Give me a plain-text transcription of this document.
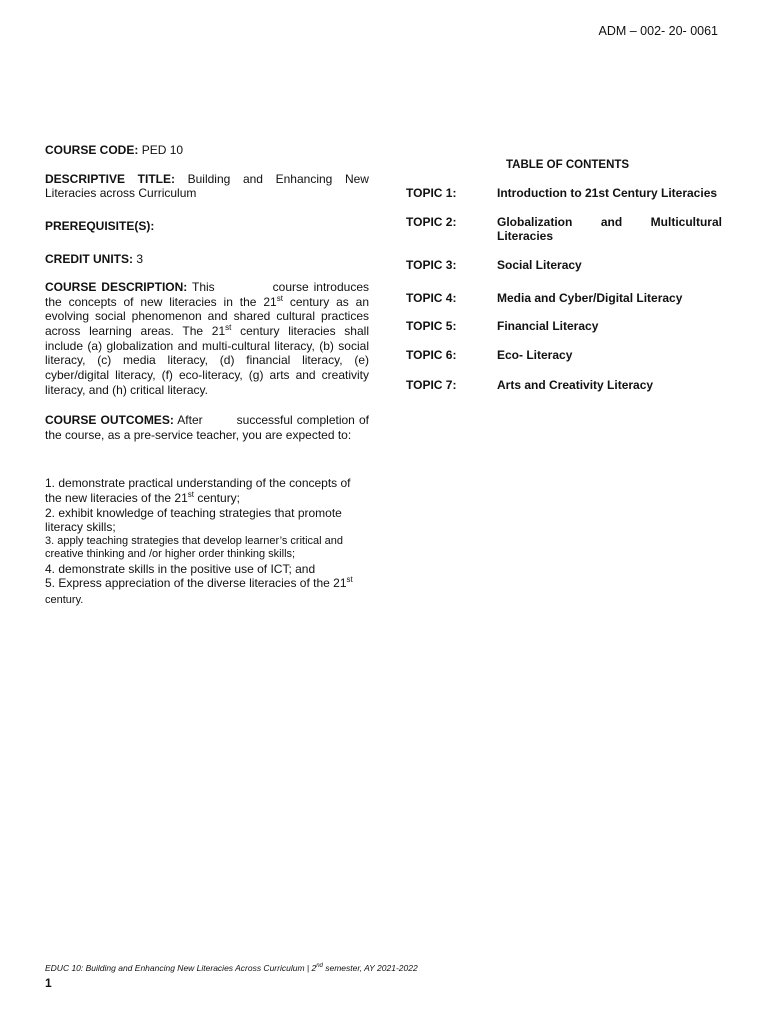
ADM – 002- 20- 0061
COURSE CODE: PED 10
DESCRIPTIVE TITLE: Building and Enhancing New Literacies across Curriculum
PREREQUISITE(S):
CREDIT UNITS: 3
COURSE DESCRIPTION: This	course introduces the concepts of new literacies in the 21st century as an evolving social phenomenon and shared cultural practices across learning areas. The 21st century literacies shall include (a) globalization and multi-cultural literacy, (b) social literacy, (c) media literacy, (d) financial literacy, (e) cyber/digital literacy, (f) eco-literacy, (g) arts and creativity literacy, and (h) critical literacy.
COURSE OUTCOMES: After	successful completion of the course, as a pre-service teacher, you are expected to:
1. demonstrate practical understanding of the concepts of the new literacies of the 21st century;
2. exhibit knowledge of teaching strategies that promote literacy skills;
3. apply teaching strategies that develop learner’s critical and creative thinking and /or higher order thinking skills;
4. demonstrate skills in the positive use of ICT; and
5. Express appreciation of the diverse literacies of the 21st century.
TABLE OF CONTENTS
TOPIC 1:	Introduction to 21st Century Literacies
TOPIC 2:	Globalization and Multicultural
Literacies
TOPIC 3:	Social Literacy
TOPIC 4:	Media and Cyber/Digital Literacy
TOPIC 5:	Financial Literacy
TOPIC 6:	Eco- Literacy
TOPIC 7:	Arts and Creativity Literacy
EDUC 10: Building and Enhancing New Literacies Across Curriculum | 2nd semester, AY 2021-2022
1
